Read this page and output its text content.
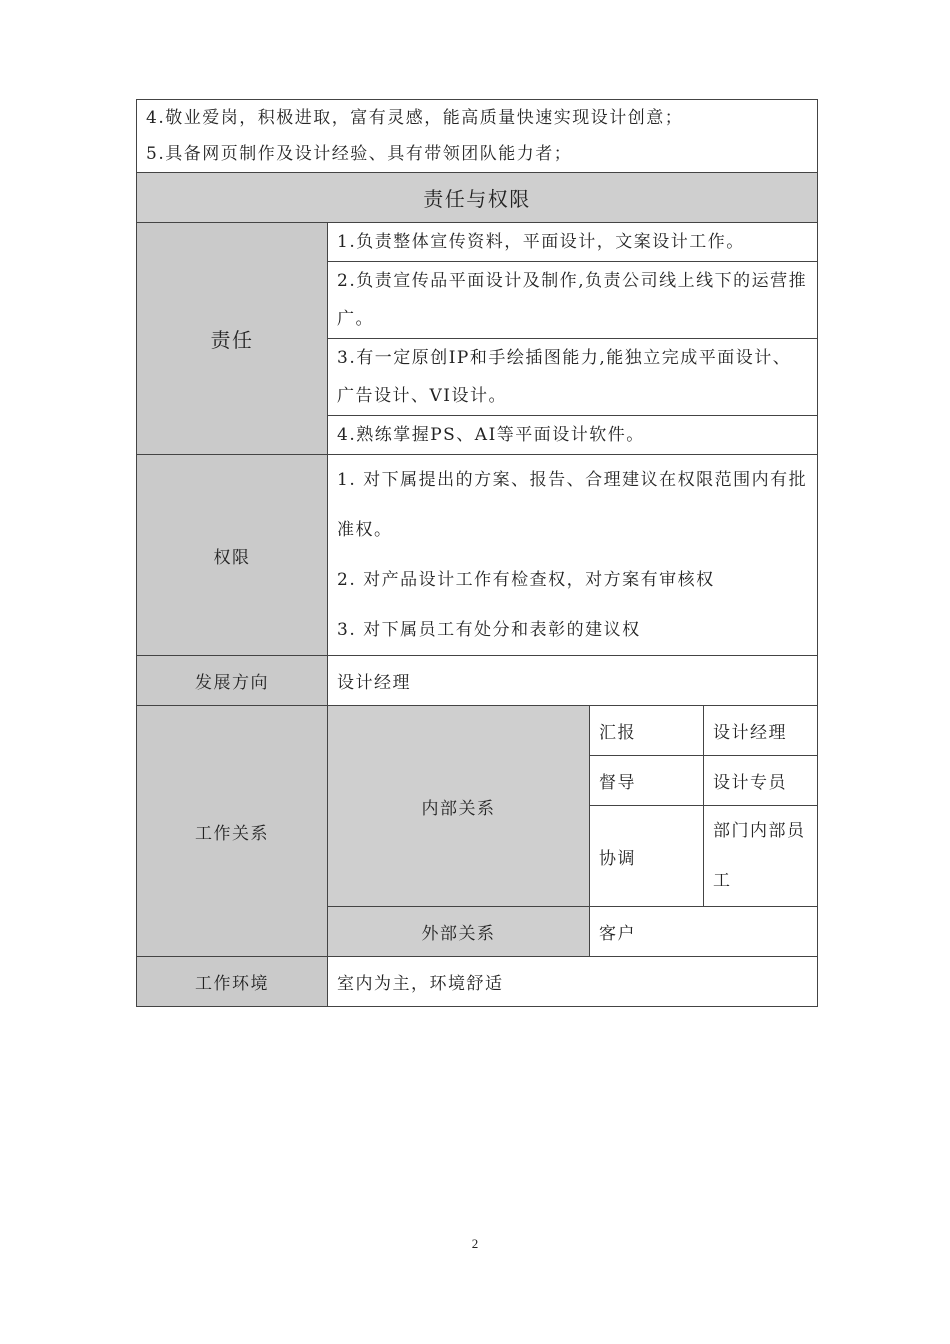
4.敬业爱岗，积极进取，富有灵感，能高质量快速实现设计创意；
5.具备网页制作及设计经验、具有带领团队能力者；			

责任与权限			
责任	1.负责整体宣传资料，平面设计，文案设计工作。		
	2.负责宣传品平面设计及制作,负责公司线上线下的运营推广。		
	3.有一定原创IP和手绘插图能力,能独立完成平面设计、广告设计、VI设计。		
	4.熟练掌握PS、AI等平面设计软件。		
权限	1. 对下属提出的方案、报告、合理建议在权限范围内有批准权。
2. 对产品设计工作有检查权，对方案有审核权
3. 对下属员工有处分和表彰的建议权		

发展方向	设计经理		
工作关系	内部关系	汇报	设计经理
		督导	设计专员
		协调	部门内部员工
	外部关系	客户	
工作环境	室内为主，环境舒适		
2
